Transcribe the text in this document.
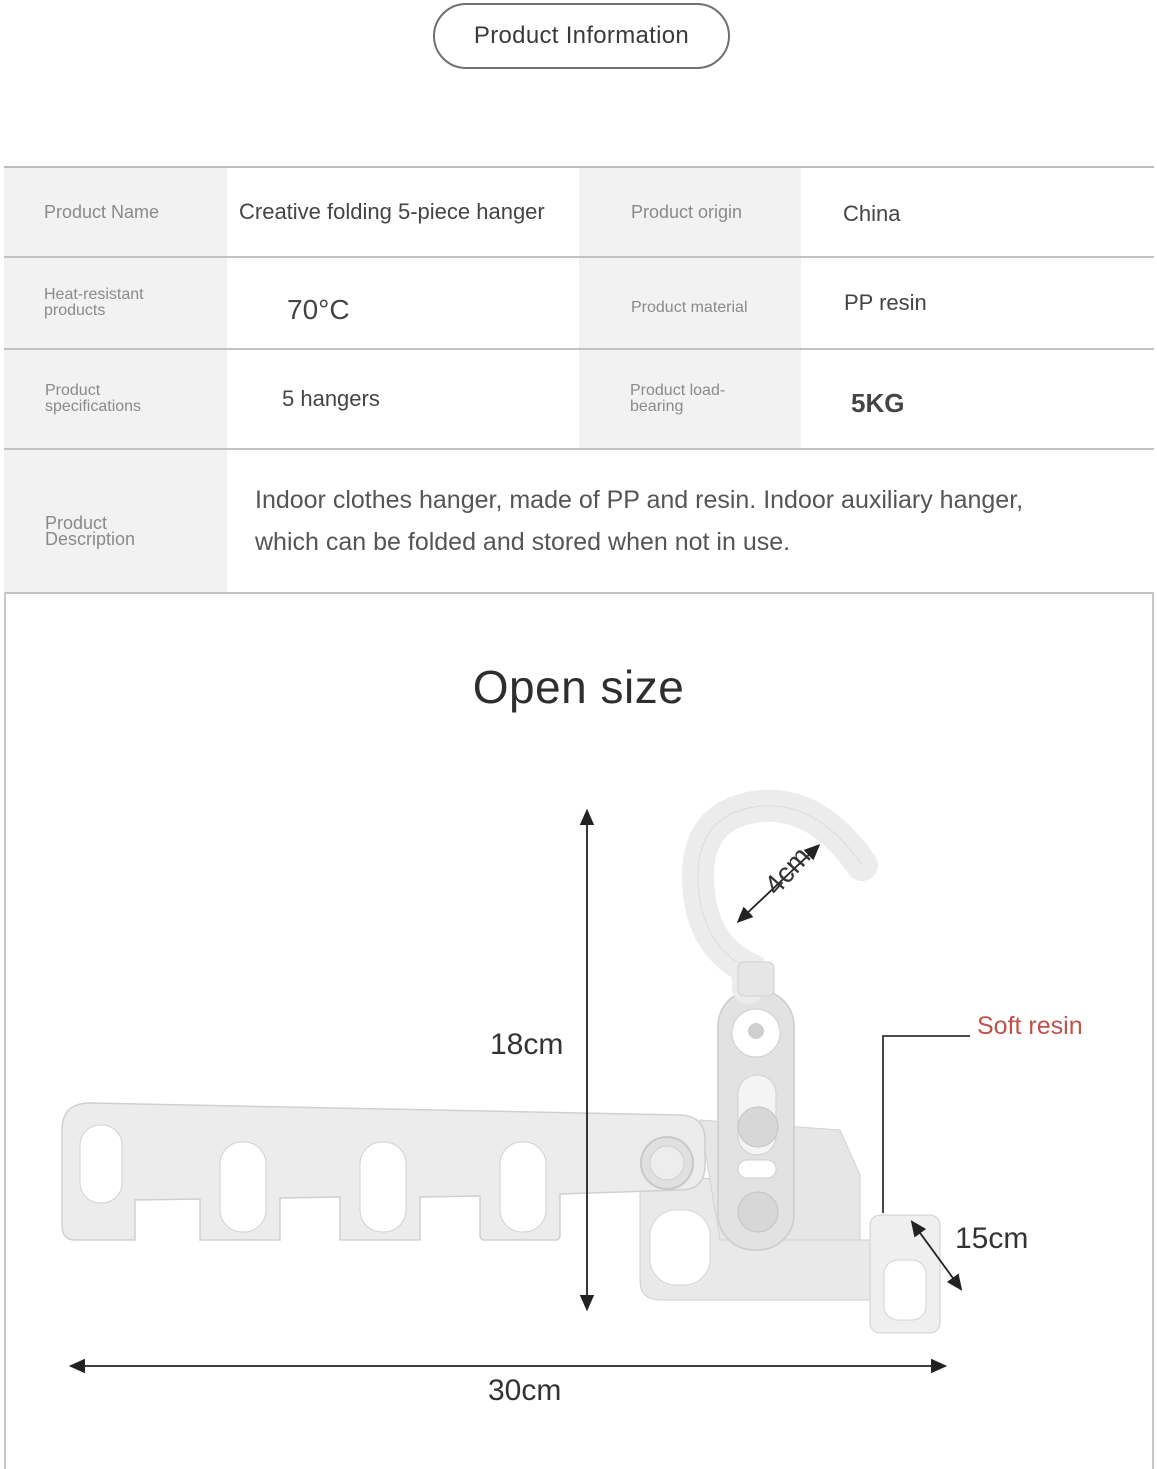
Product Information
Product Name	Creative folding 5-piece hanger	Product origin	China
Heat-resistant products	70°C	Product material	PP resin
Product specifications	5 hangers	Product load-bearing	5KG
Product Description
Indoor clothes hanger, made of PP and resin. Indoor auxiliary hanger, which can be folded and stored when not in use.
Open size
18cm
30cm
15cm
4cm
Soft resin
